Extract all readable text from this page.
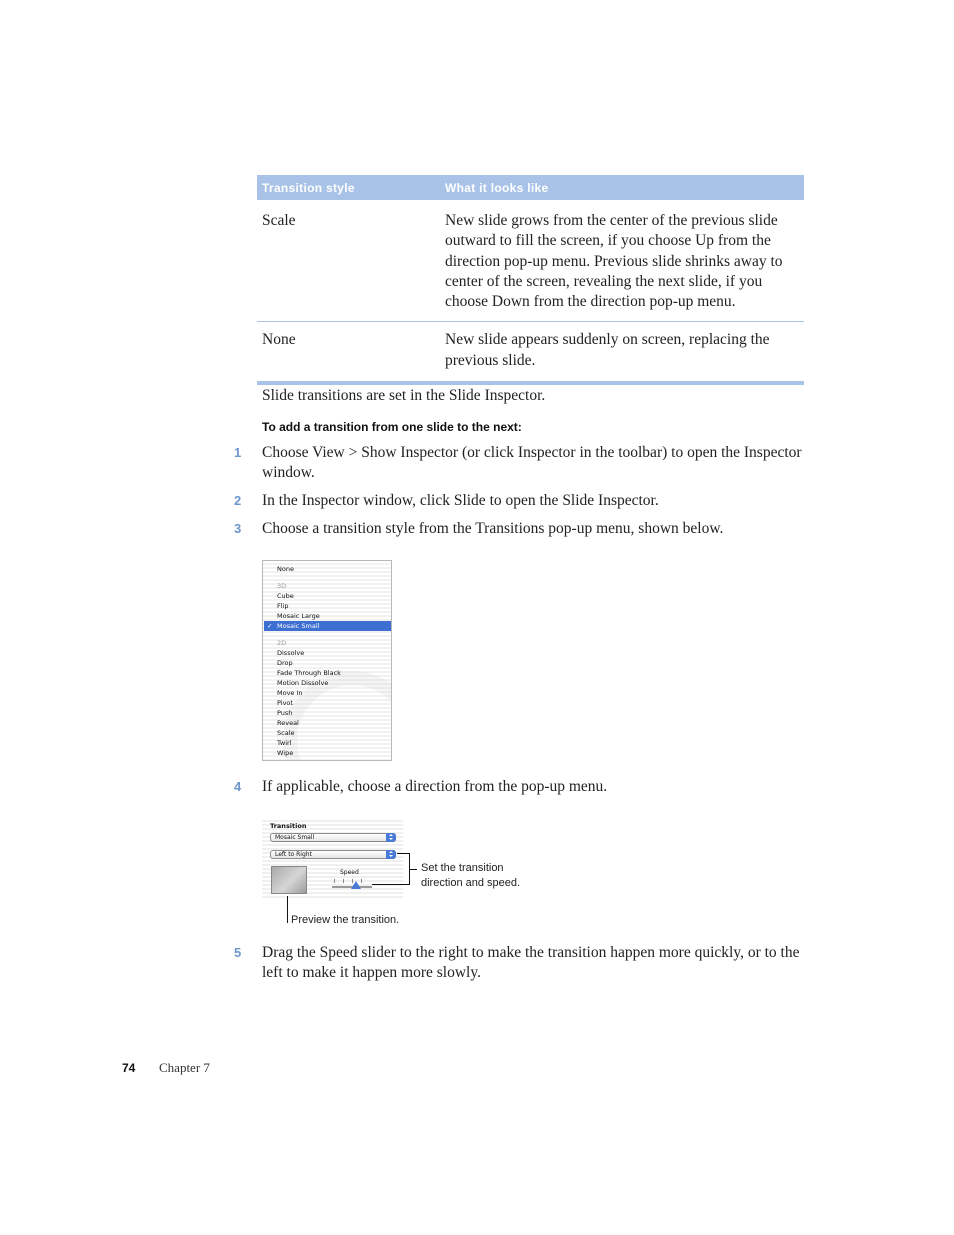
Transition style	What it looks like
Scale	New slide grows from the center of the previous slide outward to fill the screen, if you choose Up from the direction pop-up menu. Previous slide shrinks away to center of the screen, revealing the next slide, if you choose Down from the direction pop-up menu.
None	New slide appears suddenly on screen, replacing the previous slide.
Slide transitions are set in the Slide Inspector.
To add a transition from one slide to the next:
1	Choose View > Show Inspector (or click Inspector in the toolbar) to open the Inspector window.
2	In the Inspector window, click Slide to open the Slide Inspector.
3	Choose a transition style from the Transitions pop-up menu, shown below.
None
3D
Cube
Flip
Mosaic Large
✓ Mosaic Small
2D
Dissolve
Drop
Fade Through Black
Motion Dissolve
Move In
Pivot
Push
Reveal
Scale
Twirl
Wipe
4	If applicable, choose a direction from the pop-up menu.
Transition
Mosaic Small
Left to Right
Speed	Set the transition direction and speed.
Preview the transition.
5	Drag the Speed slider to the right to make the transition happen more quickly, or to the left to make it happen more slowly.
74 Chapter 7
